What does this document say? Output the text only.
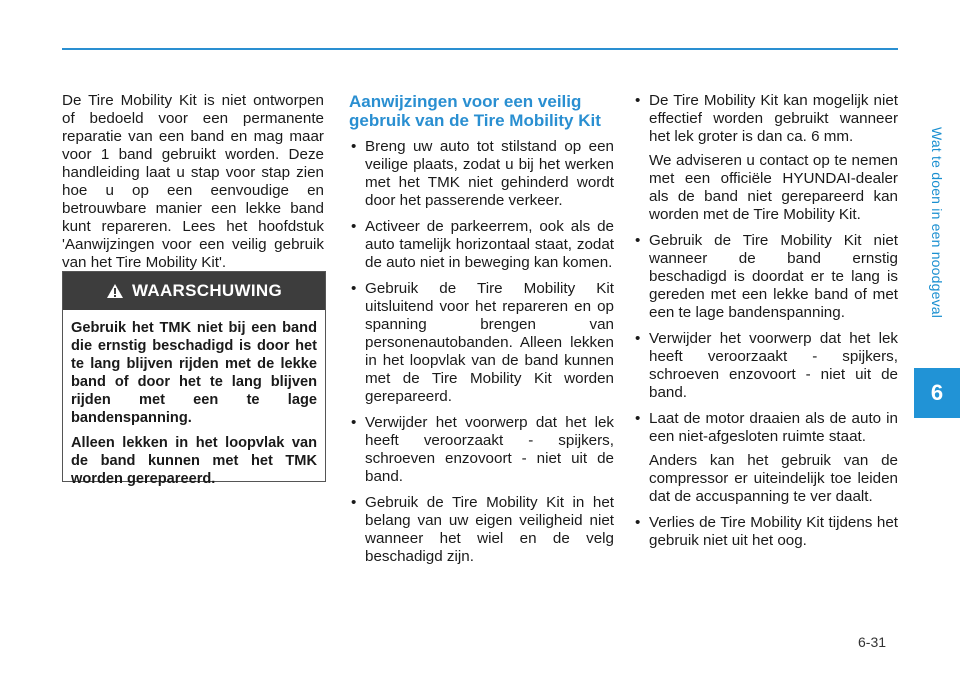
Wat te doen in een noodgeval
6

De Tire Mobility Kit is niet ontworpen of bedoeld voor een permanente reparatie van een band en mag maar voor 1 band gebruikt worden. Deze handleiding laat u stap voor stap zien hoe u op een eenvoudige en betrouwbare manier een lekke band kunt repareren. Lees het hoofdstuk 'Aanwijzingen voor een veilig gebruik van het Tire Mobility Kit'.

WAARSCHUWING

Gebruik het TMK niet bij een band die ernstig beschadigd is door het te lang blijven rijden met de lekke band of door het te lang blijven rijden met een te lage bandenspanning.

Alleen lekken in het loopvlak van de band kunnen met het TMK worden gerepareerd.

Aanwijzingen voor een veilig gebruik van de Tire Mobility Kit
• Breng uw auto tot stilstand op een veilige plaats, zodat u bij het werken met het TMK niet gehinderd wordt door het passerende verkeer.
• Activeer de parkeerrem, ook als de auto tamelijk horizontaal staat, zodat de auto niet in beweging kan komen.
• Gebruik de Tire Mobility Kit uitsluitend voor het repareren en op spanning brengen van personenautobanden. Alleen lekken in het loopvlak van de band kunnen met de Tire Mobility Kit worden gerepareerd.
• Verwijder het voorwerp dat het lek heeft veroorzaakt - spijkers, schroeven enzovoort - niet uit de band.
• Gebruik de Tire Mobility Kit in het belang van uw eigen veiligheid niet wanneer het wiel en de velg beschadigd zijn.
• De Tire Mobility Kit kan mogelijk niet effectief worden gebruikt wanneer het lek groter is dan ca. 6 mm.
We adviseren u contact op te nemen met een officiële HYUNDAI-dealer als de band niet gerepareerd kan worden met de Tire Mobility Kit.
• Gebruik de Tire Mobility Kit niet wanneer de band ernstig beschadigd is doordat er te lang is gereden met een lekke band of met een te lage bandenspanning.
• Verwijder het voorwerp dat het lek heeft veroorzaakt - spijkers, schroeven enzovoort - niet uit de band.
• Laat de motor draaien als de auto in een niet-afgesloten ruimte staat.
Anders kan het gebruik van de compressor er uiteindelijk toe leiden dat de accuspanning te ver daalt.
• Verlies de Tire Mobility Kit tijdens het gebruik niet uit het oog.
6-31
